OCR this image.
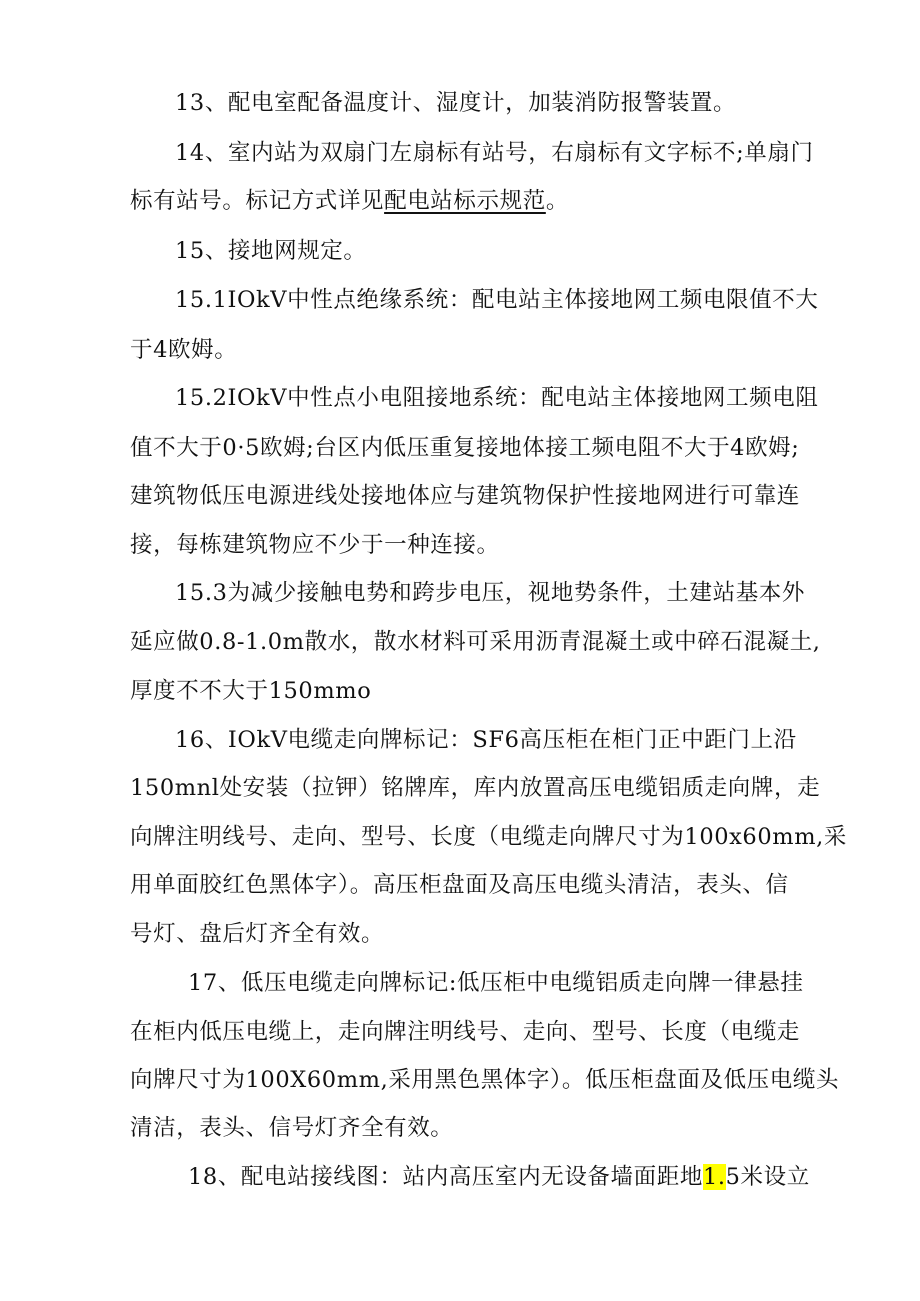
13、配电室配备温度计、湿度计，加装消防报警装置。
14、室内站为双扇门左扇标有站号，右扇标有文字标不;单扇门
标有站号。标记方式详见配电站标示规范。
15、接地网规定。
15.1IOkV中性点绝缘系统：配电站主体接地网工频电限值不大
于4欧姆。
15.2IOkV中性点小电阻接地系统：配电站主体接地网工频电阻
值不大于0·5欧姆;台区内低压重复接地体接工频电阻不大于4欧姆;
建筑物低压电源进线处接地体应与建筑物保护性接地网进行可靠连
接，每栋建筑物应不少于一种连接。
15.3为减少接触电势和跨步电压，视地势条件，土建站基本外
延应做0.8-1.0m散水，散水材料可采用沥青混凝土或中碎石混凝土,
厚度不不大于150mmo
16、IOkV电缆走向牌标记：SF6高压柜在柜门正中距门上沿
150mnl处安装（拉钾）铭牌库，库内放置高压电缆铝质走向牌，走
向牌注明线号、走向、型号、长度（电缆走向牌尺寸为100x60mm,采
用单面胶红色黑体字）。高压柜盘面及高压电缆头清洁，表头、信
号灯、盘后灯齐全有效。
17、低压电缆走向牌标记:低压柜中电缆铝质走向牌一律悬挂
在柜内低压电缆上，走向牌注明线号、走向、型号、长度（电缆走
向牌尺寸为100X60mm,采用黑色黑体字）。低压柜盘面及低压电缆头
清洁，表头、信号灯齐全有效。
18、配电站接线图：站内高压室内无设备墙面距地1.5米设立
